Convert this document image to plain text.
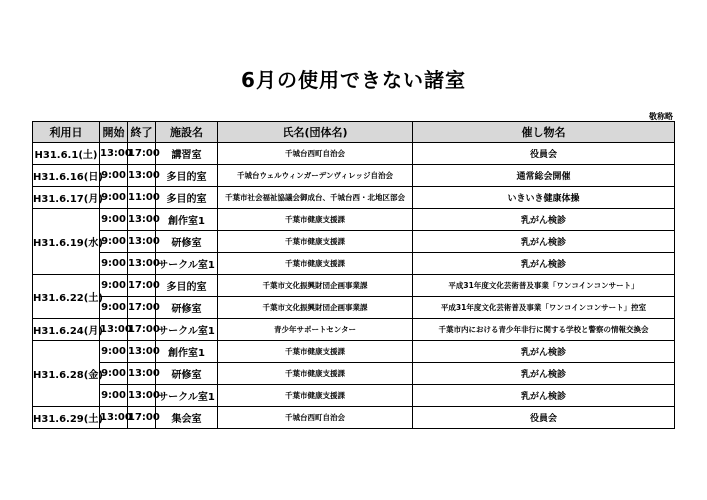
6月の使用できない諸室
敬称略
利用日	開始	終了	施設名	氏名(団体名)	催し物名
H31.6.1(土)	13:00	17:00	講習室	千城台西町自治会	役員会
H31.6.16(日)	9:00	13:00	多目的室	千城台ウェルウィンガーデンヴィレッジ自治会	通常総会開催
H31.6.17(月)	9:00	11:00	多目的室	千葉市社会福祉協議会御成台、千城台西・北地区部会	いきいき健康体操
H31.6.19(水)	9:00	13:00	創作室1	千葉市健康支援課	乳がん検診
	9:00	13:00	研修室	千葉市健康支援課	乳がん検診
	9:00	13:00	サークル室1	千葉市健康支援課	乳がん検診
H31.6.22(土)	9:00	17:00	多目的室	千葉市文化振興財団企画事業課	平成31年度文化芸術普及事業「ワンコインコンサート」
	9:00	17:00	研修室	千葉市文化振興財団企画事業課	平成31年度文化芸術普及事業「ワンコインコンサート」控室
H31.6.24(月)	13:00	17:00	サークル室1	青少年サポートセンター	千葉市内における青少年非行に関する学校と警察の情報交換会
H31.6.28(金)	9:00	13:00	創作室1	千葉市健康支援課	乳がん検診
	9:00	13:00	研修室	千葉市健康支援課	乳がん検診
	9:00	13:00	サークル室1	千葉市健康支援課	乳がん検診
H31.6.29(土)	13:00	17:00	集会室	千城台西町自治会	役員会
